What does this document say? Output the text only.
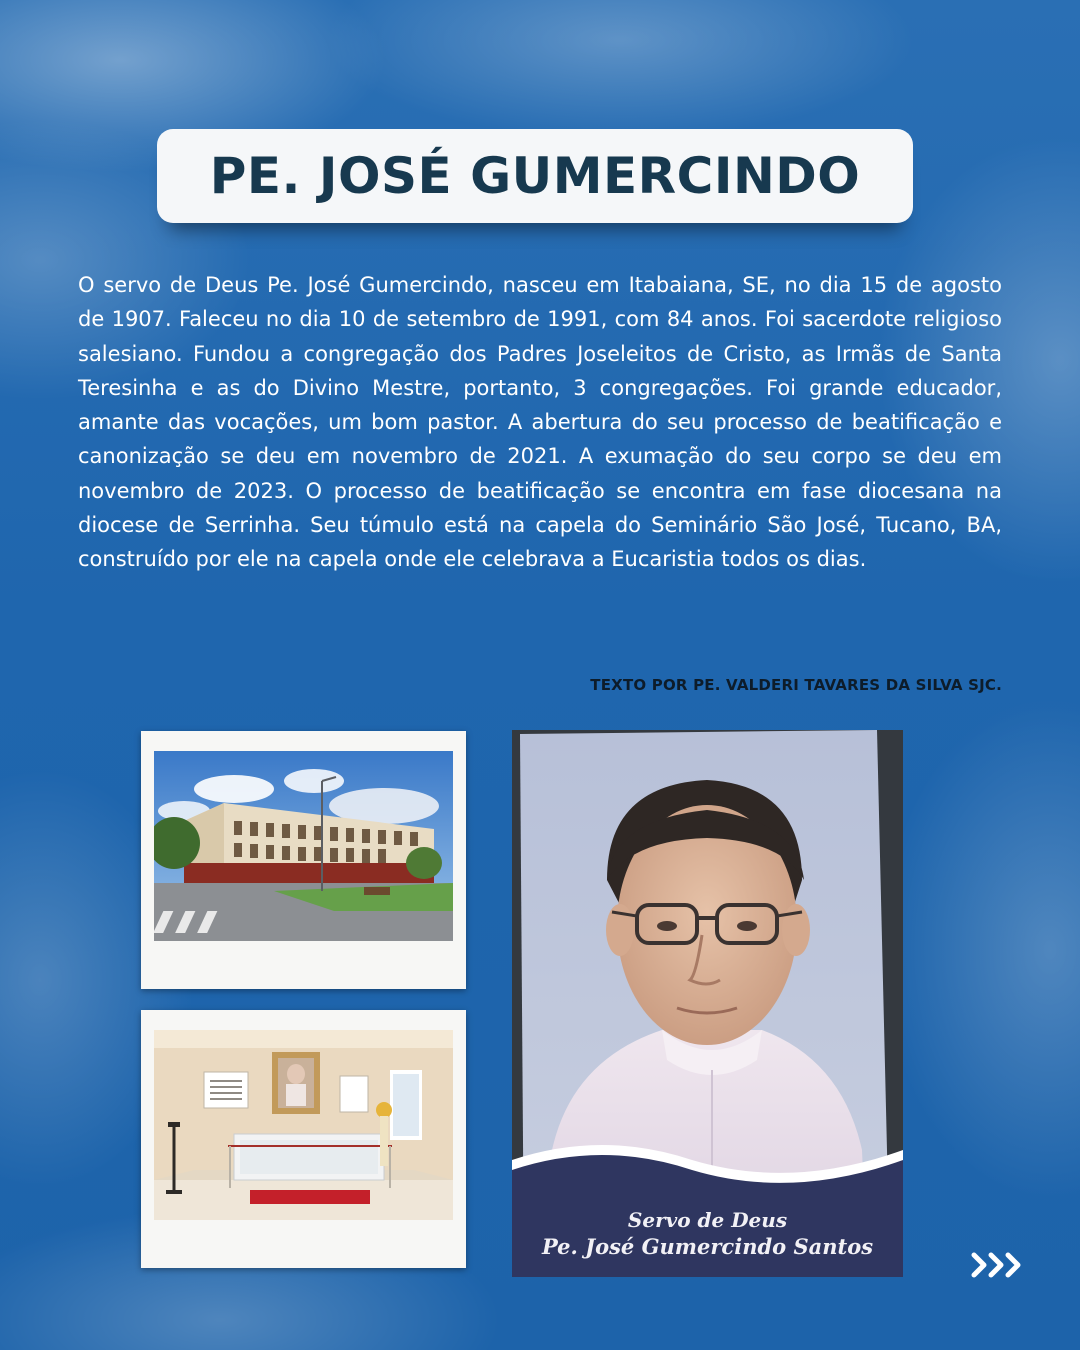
PE. JOSÉ GUMERCINDO

O servo de Deus Pe. José Gumercindo, nasceu em Itabaiana, SE, no dia 15 de agosto de 1907. Faleceu no dia 10 de setembro de 1991, com 84 anos. Foi sacerdote religioso salesiano. Fundou a congregação dos Padres Joseleitos de Cristo, as Irmãs de Santa Teresinha e as do Divino Mestre, portanto, 3 congregações. Foi grande educador, amante das vocações, um bom pastor. A abertura do seu processo de beatificação e canonização se deu em novembro de 2021. A exumação do seu corpo se deu em novembro de 2023. O processo de beatificação se encontra em fase diocesana na diocese de Serrinha. Seu túmulo está na capela do Seminário São José, Tucano, BA, construído por ele na capela onde ele celebrava a Eucaristia todos os dias.

TEXTO POR PE. VALDERI TAVARES DA SILVA SJC.
Servo de Deus
Pe. José Gumercindo Santos
